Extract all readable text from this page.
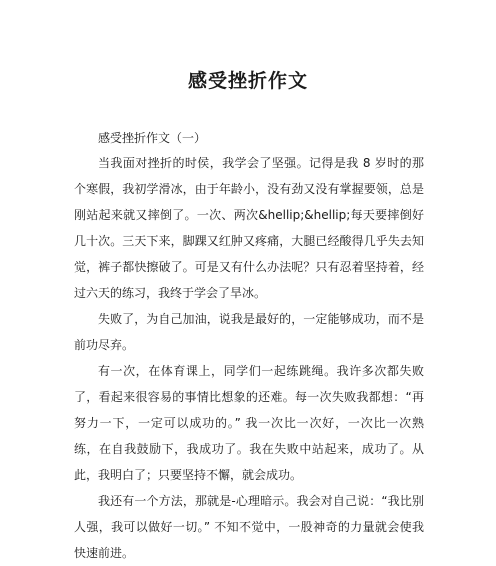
感受挫折作文

感受挫折作文（一）

当我面对挫折的时侯，我学会了坚强。记得是我 8 岁时的那个寒假，我初学滑冰，由于年龄小，没有劲又没有掌握要领，总是刚站起来就又摔倒了。一次、两次&hellip;&hellip;每天要摔倒好几十次。三天下来，脚踝又红肿又疼痛，大腿已经酸得几乎失去知觉，裤子都快擦破了。可是又有什么办法呢？只有忍着坚持着，经过六天的练习，我终于学会了旱冰。

失败了，为自己加油，说我是最好的，一定能够成功，而不是前功尽弃。

有一次，在体育课上，同学们一起练跳绳。我许多次都失败了，看起来很容易的事情比想象的还难。每一次失败我都想：“再努力一下，一定可以成功的。” 我一次比一次好，一次比一次熟练，在自我鼓励下，我成功了。我在失败中站起来，成功了。从此，我明白了；只要坚持不懈，就会成功。

我还有一个方法，那就是-心理暗示。我会对自己说：“我比别人强，我可以做好一切。” 不知不觉中，一股神奇的力量就会使我快速前进。
